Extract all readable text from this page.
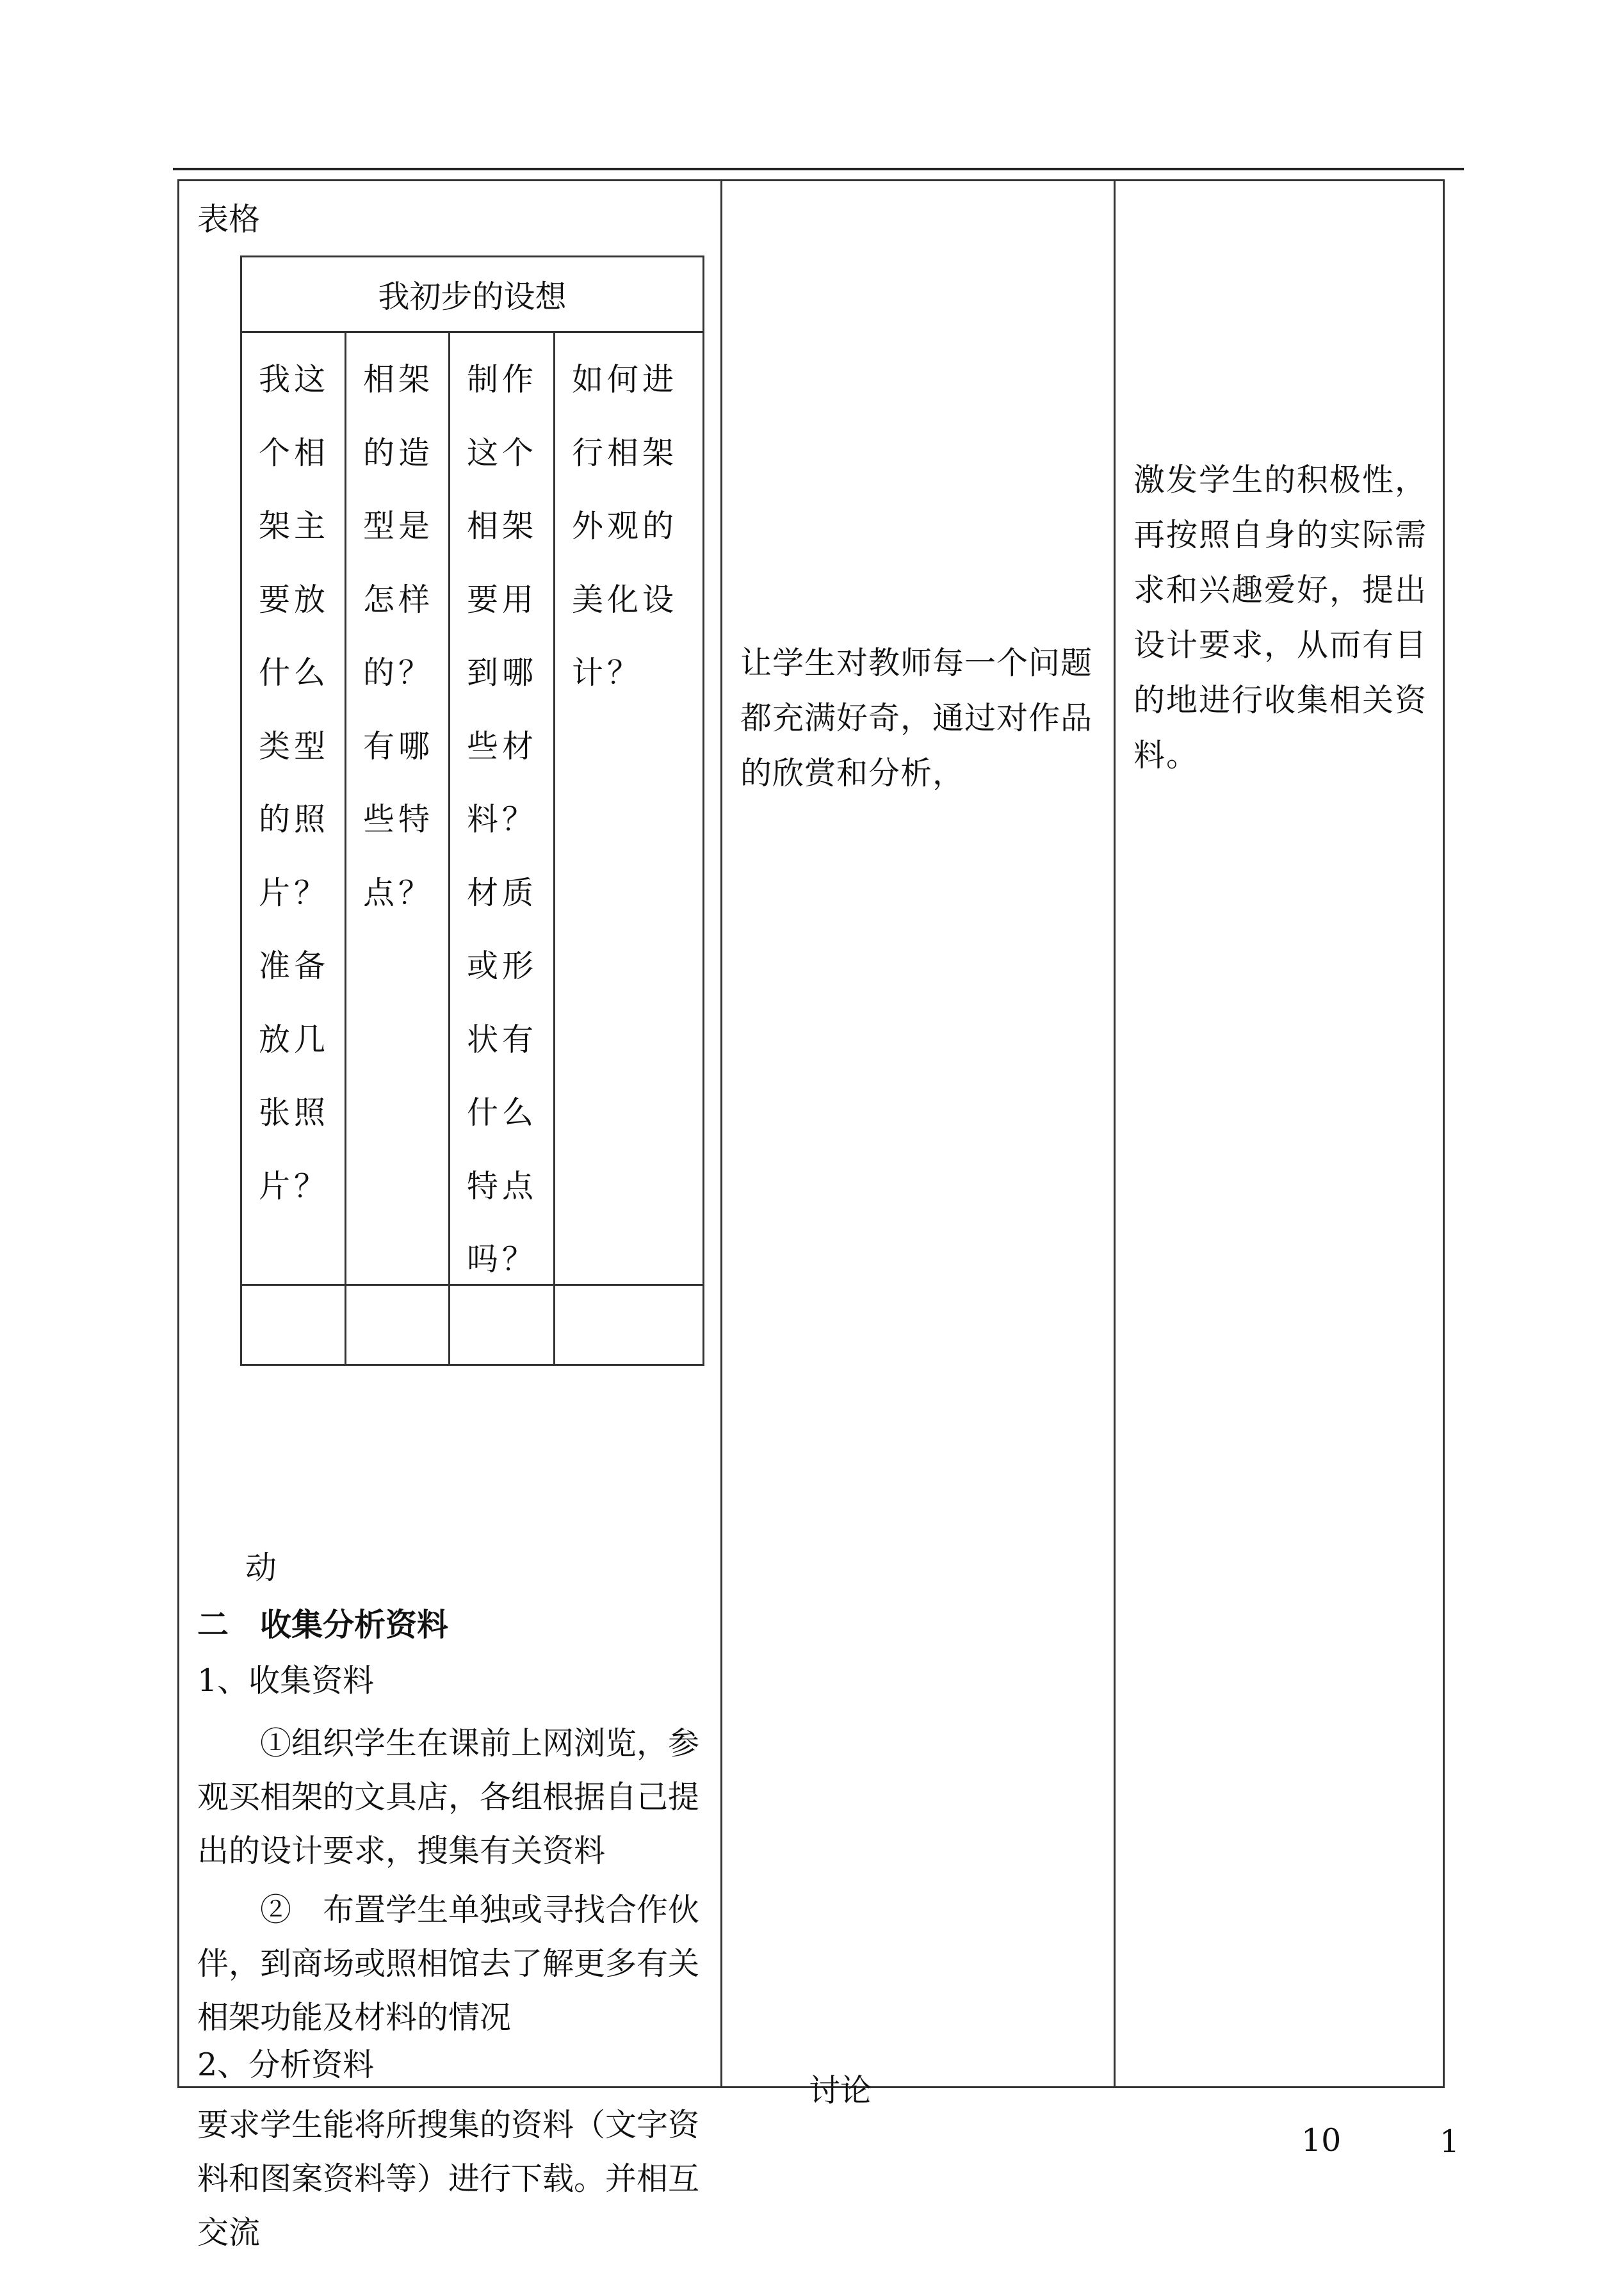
表格
我初步的设想
我这
个相
架主
要放
什么
类型
的照
片？
准备
放几
张照
片？
相架
的造
型是
怎样
的？
有哪
些特
点？
制作
这个
相架
要用
到哪
些材
料？
材质
或形
状有
什么
特点
吗？
如何进
行相架
外观的
美化设
计？
动
二　收集分析资料
1、收集资料
①组织学生在课前上网浏览，参观买相架的文具店，各组根据自己提出的设计要求，搜集有关资料
②　布置学生单独或寻找合作伙伴，到商场或照相馆去了解更多有关相架功能及材料的情况
2、分析资料
要求学生能将所搜集的资料（文字资料和图案资料等）进行下载。并相互交流
让学生对教师每一个问题都充满好奇，通过对作品的欣赏和分析，
讨论
激发学生的积极性，再按照自身的实际需求和兴趣爱好，提出设计要求，从而有目的地进行收集相关资料。
10	1
